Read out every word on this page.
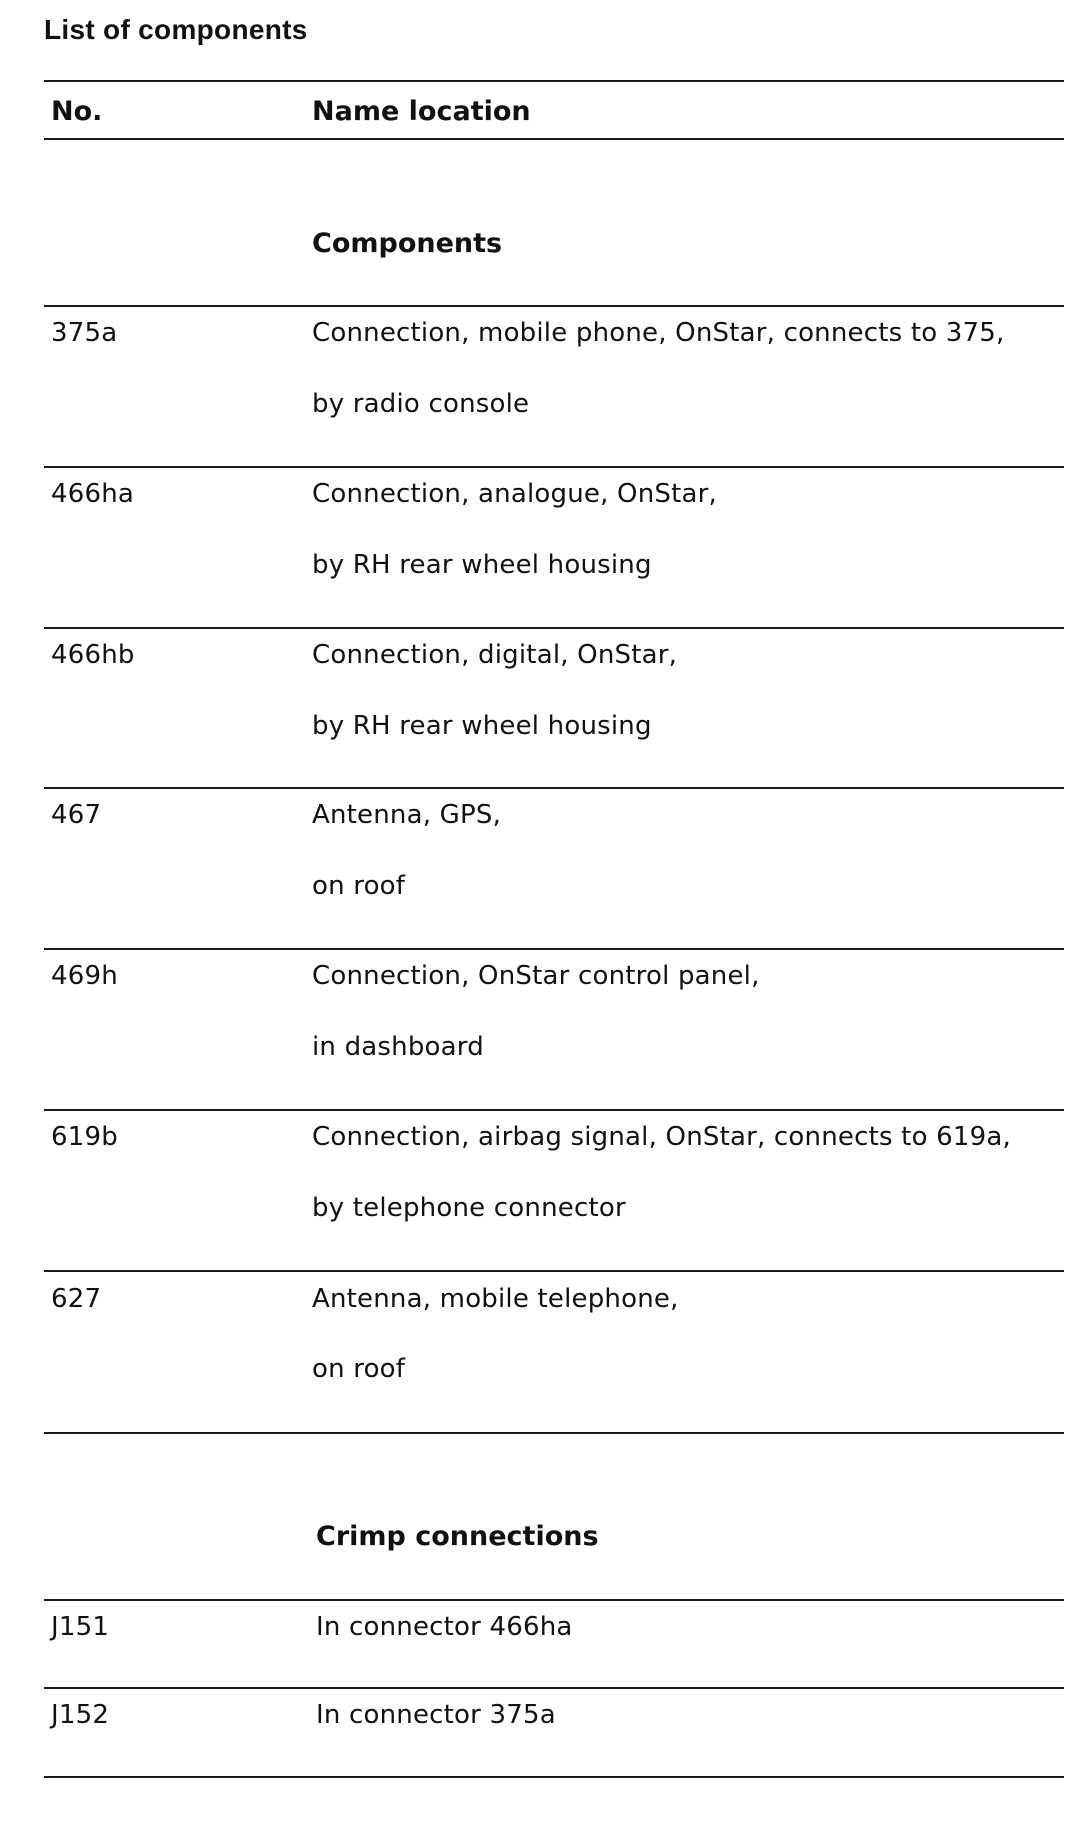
List of components
No.	Name location
Components
375a	Connection, mobile phone, OnStar, connects to 375,
by radio console
466ha	Connection, analogue, OnStar,
by RH rear wheel housing
466hb	Connection, digital, OnStar,
by RH rear wheel housing
467	Antenna, GPS,
on roof
469h	Connection, OnStar control panel,
in dashboard
619b	Connection, airbag signal, OnStar, connects to 619a,
by telephone connector
627	Antenna, mobile telephone,
on roof
Crimp connections
J151	In connector 466ha
J152	In connector 375a
